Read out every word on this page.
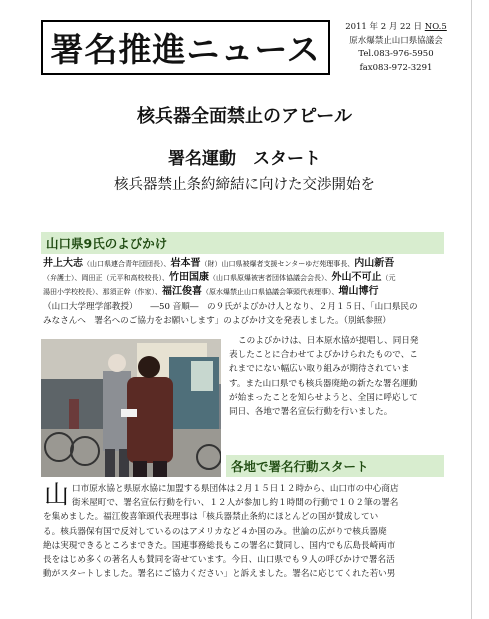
署名推進ニュース
2011 年 2 月 22 日 NO.5
原水爆禁止山口県協議会
Tel.083-976-5950
fax083-972-3291
核兵器全面禁止のアピール
署名運動　スタート
核兵器禁止条約締結に向けた交渉開始を
山口県9氏のよびかけ
井上大志（山口県連合青年団団長）、岩本晋（財）山口県被爆者支援センターゆだ苑理事長、内山新吾
（弁護士）、岡田正（元平和高校校長）、竹田国康（山口県原爆被害者団体協議会会長）、外山不可止（元
湯田小学校校長）、那須正幹（作家）、福江俊喜（原水爆禁止山口県協議会筆頭代表理事）、増山博行
（山口大学理学部教授）　　―50 音順―　の９氏がよびかけ人となり、２月１５日、「山口県民の
みなさんへ　署名へのご協力をお願いします」のよびかけ文を発表しました。（別紙参照）
このよびかけは、日本原水協が提唱し、同日発
表したことに合わせてよびかけられたもので、こ
れまでにない幅広い取り組みが期待されていま
す。また山口県でも核兵器廃絶の新たな署名運動
が始まったことを知らせようと、全国に呼応して
同日、各地で署名宣伝行動を行いました。
各地で署名行動スタート
山 口市原水協と県原水協に加盟する県団体は２月１５日１２時から、山口市の中心商店
街米屋町で、署名宣伝行動を行い、１２人が参加し約１時間の行動で１０２筆の署名
を集めました。福江俊喜筆頭代表理事は「核兵器禁止条約にほとんどの国が賛成してい
る。核兵器保有国で反対しているのはアメリカなど４か国のみ。世論の広がりで核兵器廃
絶は実現できるところまできた。国連事務総長もこの署名に賛同し、国内でも広島長崎両市
長をはじめ多くの著名人も賛同を寄せています。今日、山口県でも９人の呼びかけで署名活
動がスタートしました。署名にご協力ください」と訴えました。署名に応じてくれた若い男
